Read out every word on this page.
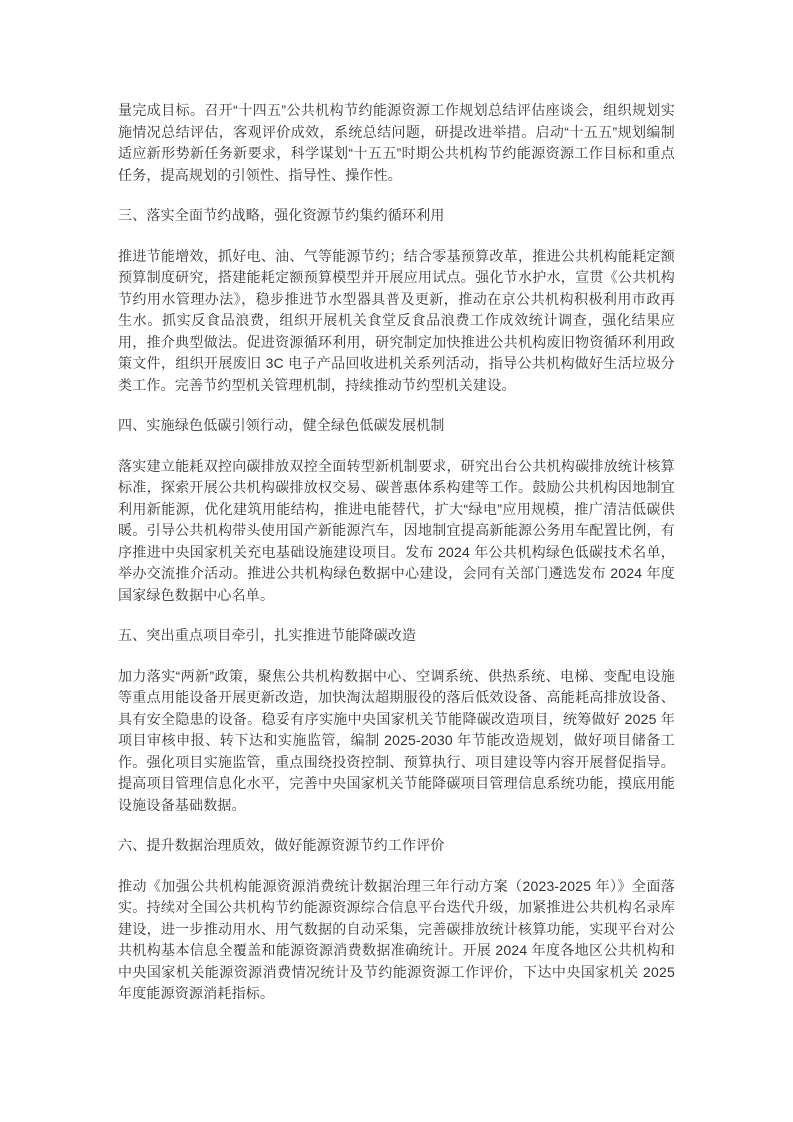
量完成目标。召开“十四五”公共机构节约能源资源工作规划总结评估座谈会，组织规划实施情况总结评估，客观评价成效，系统总结问题，研提改进举措。启动“十五五”规划编制适应新形势新任务新要求，科学谋划“十五五”时期公共机构节约能源资源工作目标和重点任务，提高规划的引领性、指导性、操作性。

三、落实全面节约战略，强化资源节约集约循环利用

推进节能增效，抓好电、油、气等能源节约；结合零基预算改革，推进公共机构能耗定额预算制度研究，搭建能耗定额预算模型并开展应用试点。强化节水护水，宣贯《公共机构节约用水管理办法》，稳步推进节水型器具普及更新，推动在京公共机构积极利用市政再生水。抓实反食品浪费，组织开展机关食堂反食品浪费工作成效统计调查，强化结果应用，推介典型做法。促进资源循环利用，研究制定加快推进公共机构废旧物资循环利用政策文件，组织开展废旧 3C 电子产品回收进机关系列活动，指导公共机构做好生活垃圾分类工作。完善节约型机关管理机制，持续推动节约型机关建设。

四、实施绿色低碳引领行动，健全绿色低碳发展机制

落实建立能耗双控向碳排放双控全面转型新机制要求，研究出台公共机构碳排放统计核算标准，探索开展公共机构碳排放权交易、碳普惠体系构建等工作。鼓励公共机构因地制宜利用新能源，优化建筑用能结构，推进电能替代，扩大“绿电”应用规模，推广清洁低碳供暖。引导公共机构带头使用国产新能源汽车，因地制宜提高新能源公务用车配置比例，有序推进中央国家机关充电基础设施建设项目。发布 2024 年公共机构绿色低碳技术名单，举办交流推介活动。推进公共机构绿色数据中心建设，会同有关部门遴选发布 2024 年度国家绿色数据中心名单。

五、突出重点项目牵引，扎实推进节能降碳改造

加力落实“两新”政策，聚焦公共机构数据中心、空调系统、供热系统、电梯、变配电设施等重点用能设备开展更新改造，加快淘汰超期服役的落后低效设备、高能耗高排放设备、具有安全隐患的设备。稳妥有序实施中央国家机关节能降碳改造项目，统筹做好 2025 年项目审核申报、转下达和实施监管，编制 2025-2030 年节能改造规划，做好项目储备工作。强化项目实施监管，重点围绕投资控制、预算执行、项目建设等内容开展督促指导。提高项目管理信息化水平，完善中央国家机关节能降碳项目管理信息系统功能，摸底用能设施设备基础数据。

六、提升数据治理质效，做好能源资源节约工作评价

推动《加强公共机构能源资源消费统计数据治理三年行动方案（2023-2025 年）》全面落实。持续对全国公共机构节约能源资源综合信息平台迭代升级，加紧推进公共机构名录库建设，进一步推动用水、用气数据的自动采集，完善碳排放统计核算功能，实现平台对公共机构基本信息全覆盖和能源资源消费数据准确统计。开展 2024 年度各地区公共机构和中央国家机关能源资源消费情况统计及节约能源资源工作评价，下达中央国家机关 2025 年度能源资源消耗指标。
